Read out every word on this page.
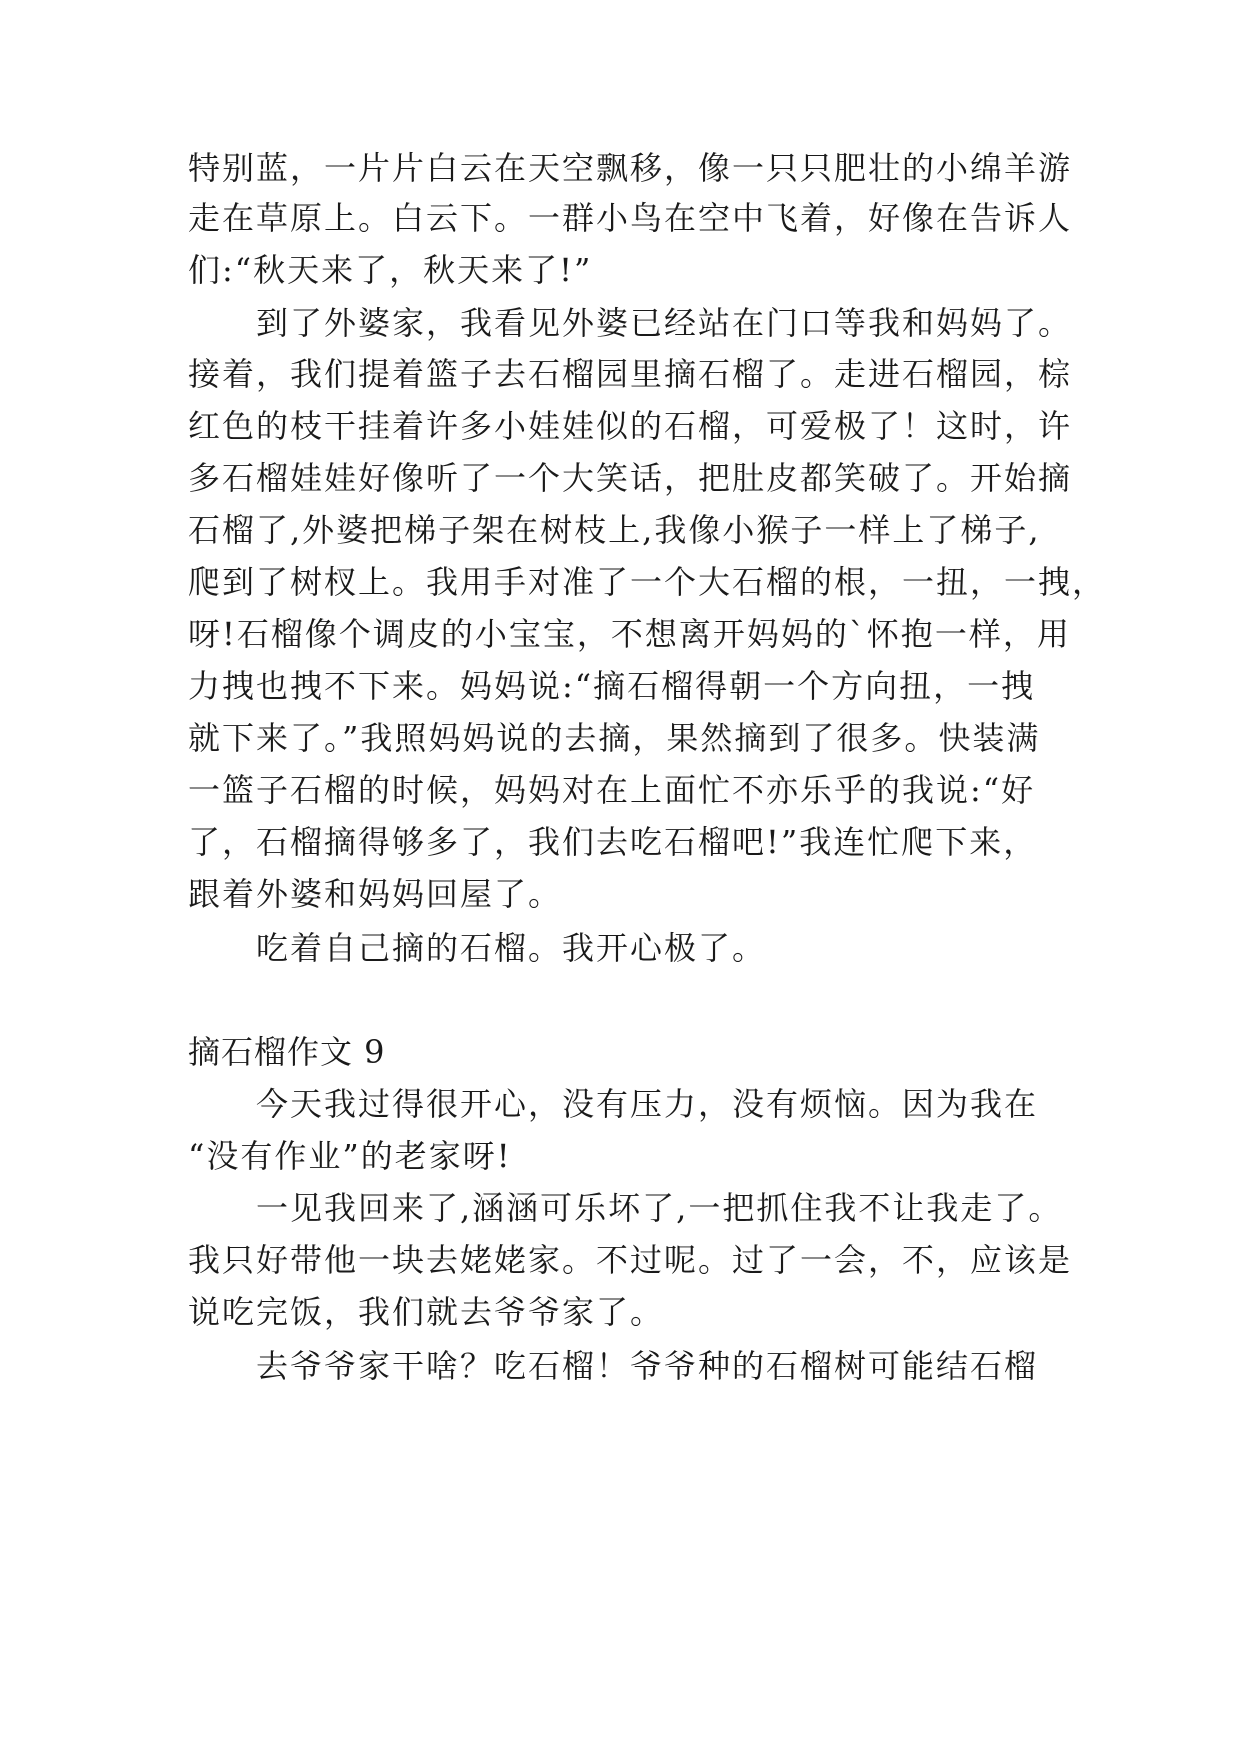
特别蓝，一片片白云在天空飘移，像一只只肥壮的小绵羊游
走在草原上。白云下。一群小鸟在空中飞着，好像在告诉人
们:“秋天来了，秋天来了!”
到了外婆家，我看见外婆已经站在门口等我和妈妈了。
接着，我们提着篮子去石榴园里摘石榴了。走进石榴园，棕
红色的枝干挂着许多小娃娃似的石榴，可爱极了！这时，许
多石榴娃娃好像听了一个大笑话，把肚皮都笑破了。开始摘
石榴了,外婆把梯子架在树枝上,我像小猴子一样上了梯子,
爬到了树杈上。我用手对准了一个大石榴的根，一扭，一拽，
呀!石榴像个调皮的小宝宝，不想离开妈妈的`怀抱一样，用
力拽也拽不下来。妈妈说:“摘石榴得朝一个方向扭，一拽
就下来了。”我照妈妈说的去摘，果然摘到了很多。快装满
一篮子石榴的时候，妈妈对在上面忙不亦乐乎的我说:“好
了，石榴摘得够多了，我们去吃石榴吧!”我连忙爬下来，
跟着外婆和妈妈回屋了。
吃着自己摘的石榴。我开心极了。
摘石榴作文 9
今天我过得很开心，没有压力，没有烦恼。因为我在
“没有作业”的老家呀!
一见我回来了,涵涵可乐坏了,一把抓住我不让我走了。
我只好带他一块去姥姥家。不过呢。过了一会，不，应该是
说吃完饭，我们就去爷爷家了。
去爷爷家干啥？吃石榴！爷爷种的石榴树可能结石榴
